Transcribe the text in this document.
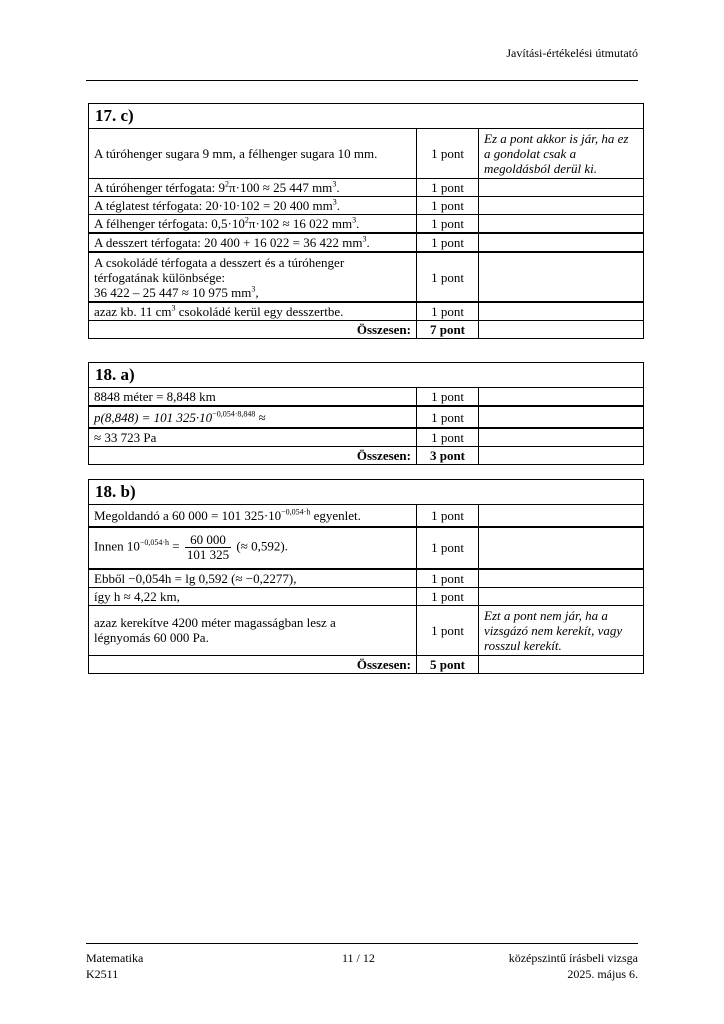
Javítási-értékelési útmutató
17. c)		
A túróhenger sugara 9 mm, a félhenger sugara 10 mm.	1 pont	Ez a pont akkor is jár, ha ez a gondolat csak a megoldásból derül ki.
A túróhenger térfogata: $9^2\pi\cdot 100 \approx 25$ 447 $mm^3$.	1 pont	
A téglatest térfogata: 20·10·102 = 20 400 $mm^3$.	1 pont	
A félhenger térfogata: $0,5\cdot 10^2\pi\cdot 102 \approx 16$ 022 $mm^3$.	1 pont	
A desszert térfogata: 20 400 + 16 022 = 36 422 $mm^3$.	1 pont	

A csokoládé térfogata a desszert és a túróhenger
térfogatának különbsége:
36 422 – 25 447 ≈ 10 975 $mm^3$,	1 pont	
azaz kb. 11 $cm^3$ csokoládé kerül egy desszertbe.	1 pont	
Összesen:	7 pont	
18. a)		
8848 méter = 8,848 km	1 pont	
p(8,848) = 101 $325\cdot 10^{-0,054\cdot 8,848}$ ≈	1 pont	
≈ 33 723 Pa	1 pont	
Összesen:	3 pont	
18. b)		
Megoldandó a 60 000 = 101 $325\cdot 10^{-0,054\cdot h}$ egyenlet.	1 pont	
Innen $10^{-0,054\cdot h} = \frac{60 000}{101 325}$ (≈ 0,592).	1 pont	
Ebből −0,054h = lg 0,592 (≈ −0,2277),	1 pont	
így h ≈ 4,22 km,	1 pont	

azaz kerekítve 4200 méter magasságban lesz a
légnyomás 60 000 Pa.	1 pont	Ezt a pont nem jár, ha a vizsgázó nem kerekít, vagy rosszul kerekít.
Összesen:	5 pont	
Matematika
K2511
11 / 12	középszintű írásbeli vizsga
2025. május 6.
